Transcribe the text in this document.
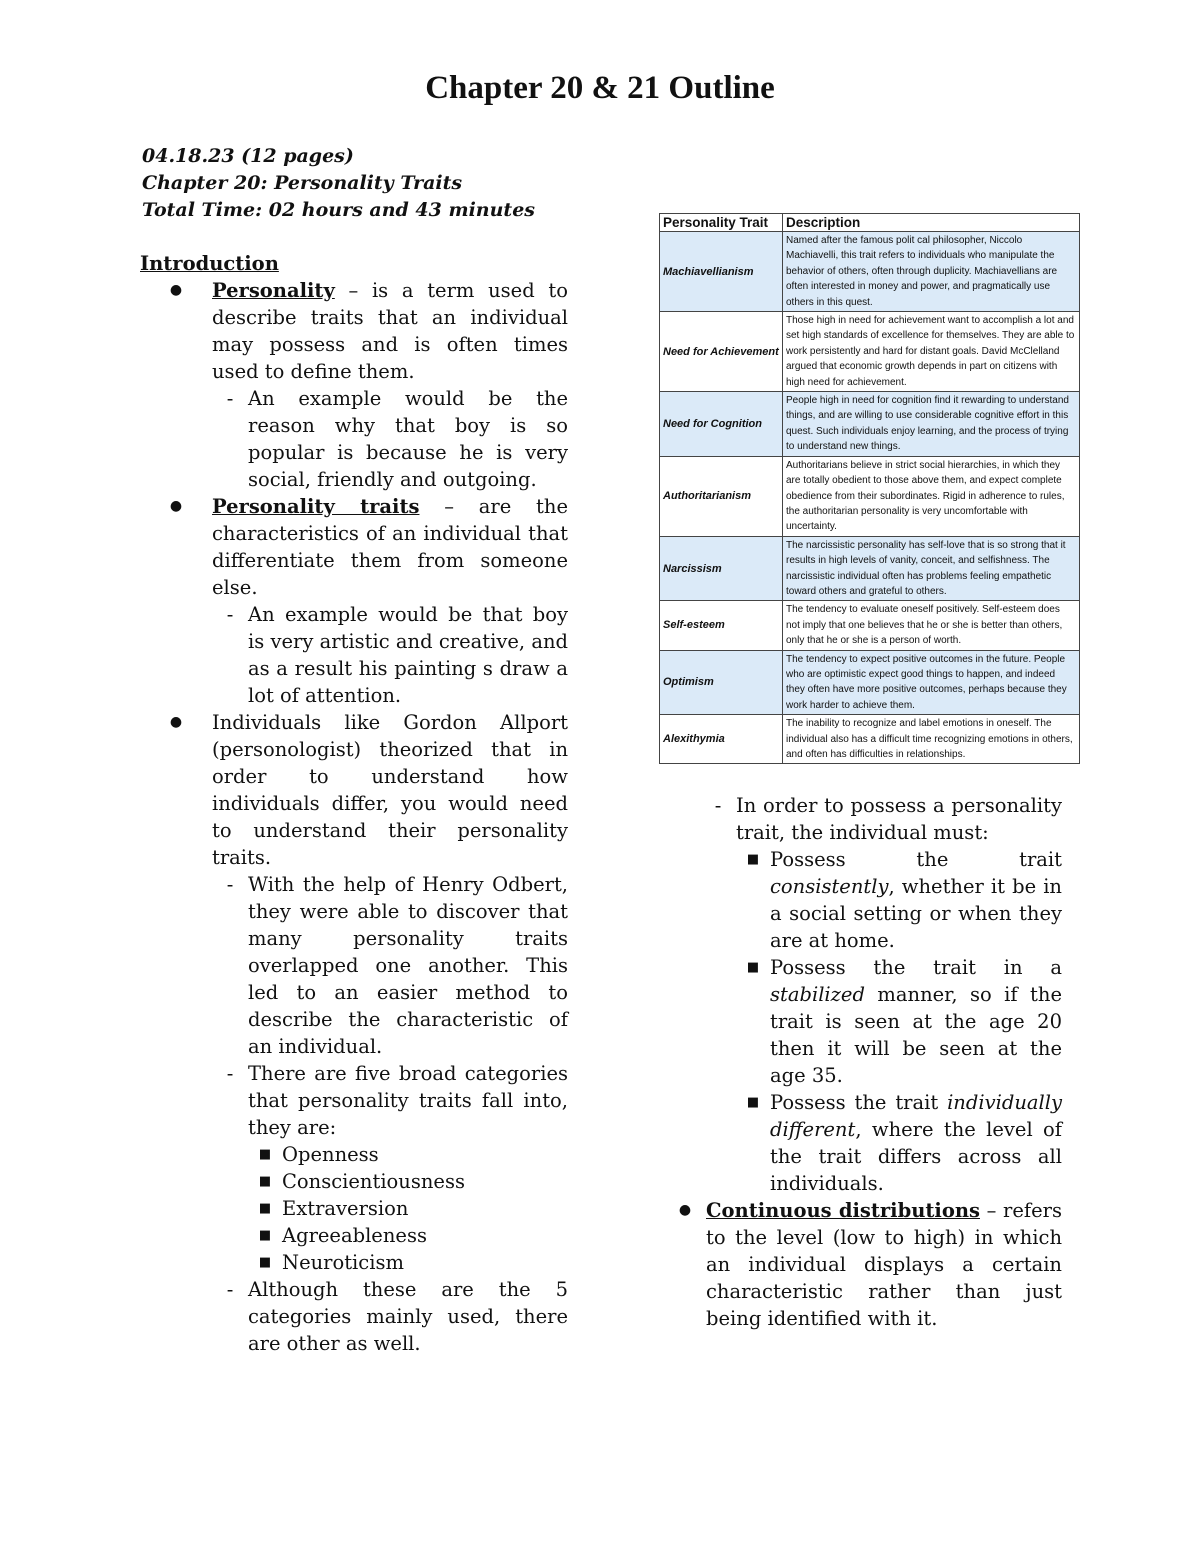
Chapter 20 & 21 Outline
04.18.23 (12 pages)
Chapter 20: Personality Traits
Total Time: 02 hours and 43 minutes
Introduction
●	Personality – is a term used to describe traits that an individual may possess and is often times used to define them.
- An example would be the reason why that boy is so popular is because he is very social, friendly and outgoing.
●	Personality traits – are the characteristics of an individual that differentiate them from someone else.
- An example would be that boy is very artistic and creative, and as a result his painting s draw a lot of attention.
●	Individuals like Gordon Allport (personologist) theorized that in order to understand how individuals differ, you would need to understand their personality traits.
- With the help of Henry Odbert, they were able to discover that many personality traits overlapped one another. This led to an easier method to describe the characteristic of an individual.
- There are five broad categories that personality traits fall into, they are:
■ Openness
■ Conscientiousness
■ Extraversion
■ Agreeableness
■ Neuroticism
- Although these are the 5 categories mainly used, there are other as well.
Personality Trait	Description
Machiavellianism	Named after the famous polit cal philosopher, Niccolo Machiavelli, this trait refers to individuals who manipulate the behavior of others, often through duplicity. Machiavellians are often interested in money and power, and pragmatically use others in this quest.
Need for Achievement	Those high in need for achievement want to accomplish a lot and set high standards of excellence for themselves. They are able to work persistently and hard for distant goals. David McClelland argued that economic growth depends in part on citizens with high need for achievement.
Need for Cognition	People high in need for cognition find it rewarding to understand things, and are willing to use considerable cognitive effort in this quest. Such individuals enjoy learning, and the process of trying to understand new things.
Authoritarianism	Authoritarians believe in strict social hierarchies, in which they are totally obedient to those above them, and expect complete obedience from their subordinates. Rigid in adherence to rules, the authoritarian personality is very uncomfortable with uncertainty.
Narcissism	The narcissistic personality has self-love that is so strong that it results in high levels of vanity, conceit, and selfishness. The narcissistic individual often has problems feeling empathetic toward others and grateful to others.
Self-esteem	The tendency to evaluate oneself positively. Self-esteem does not imply that one believes that he or she is better than others, only that he or she is a person of worth.
Optimism	The tendency to expect positive outcomes in the future. People who are optimistic expect good things to happen, and indeed they often have more positive outcomes, perhaps because they work harder to achieve them.
Alexithymia	The inability to recognize and label emotions in oneself. The individual also has a difficult time recognizing emotions in others, and often has difficulties in relationships.
- In order to possess a personality trait, the individual must:
■ Possess the trait consistently, whether it be in a social setting or when they are at home.
■ Possess the trait in a stabilized manner, so if the trait is seen at the age 20 then it will be seen at the age 35.
■ Possess the trait individually different, where the level of the trait differs across all individuals.
● Continuous distributions – refers to the level (low to high) in which an individual displays a certain characteristic rather than just being identified with it.
